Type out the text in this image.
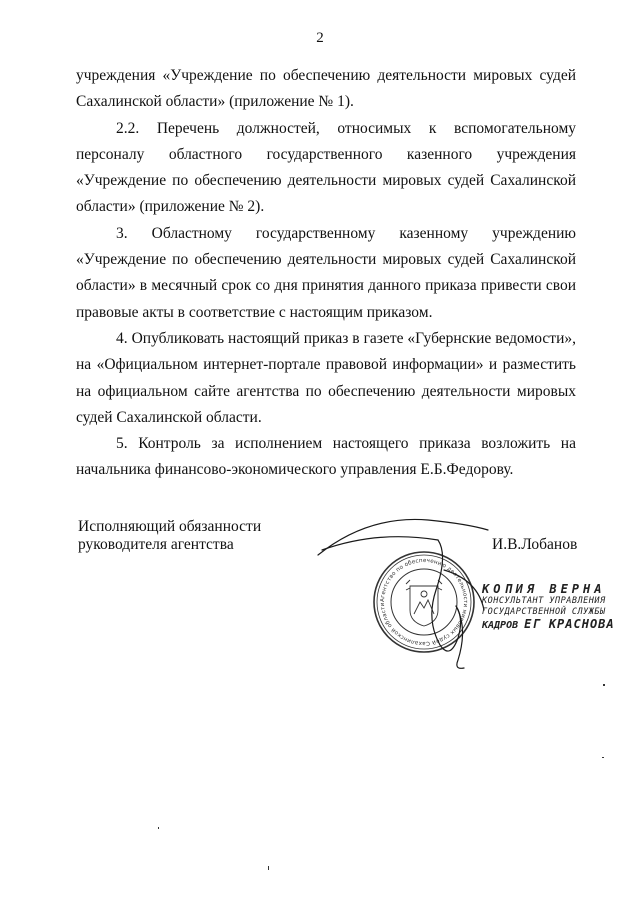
2

учреждения «Учреждение по обеспечению деятельности мировых судей Сахалинской области» (приложение № 1).

2.2. Перечень должностей, относимых к вспомогательному персоналу областного государственного казенного учреждения «Учреждение по обеспечению деятельности мировых судей Сахалинской области» (приложение № 2).

3. Областному государственному казенному учреждению «Учреждение по обеспечению деятельности мировых судей Сахалинской области» в месячный срок со дня принятия данного приказа привести свои правовые акты в соответствие с настоящим приказом.

4. Опубликовать настоящий приказ в газете «Губернские ведомости», на «Официальном интернет-портале правовой информации» и разместить на официальном сайте агентства по обеспечению деятельности мировых судей Сахалинской области.

5. Контроль за исполнением настоящего приказа возложить на начальника финансово-экономического управления Е.Б.Федорову.

Исполняющий обязанности
руководителя агентства	И.В.Лобанов
Агентство по обеспечению деятельности мировых судей Сахалинской области
КОПИЯ ВЕРНА
КОНСУЛЬТАНТ УПРАВЛЕНИЯ
ГОСУДАРСТВЕННОЙ СЛУЖБЫ
КАДРОВ ЕГ КРАСНОВА
